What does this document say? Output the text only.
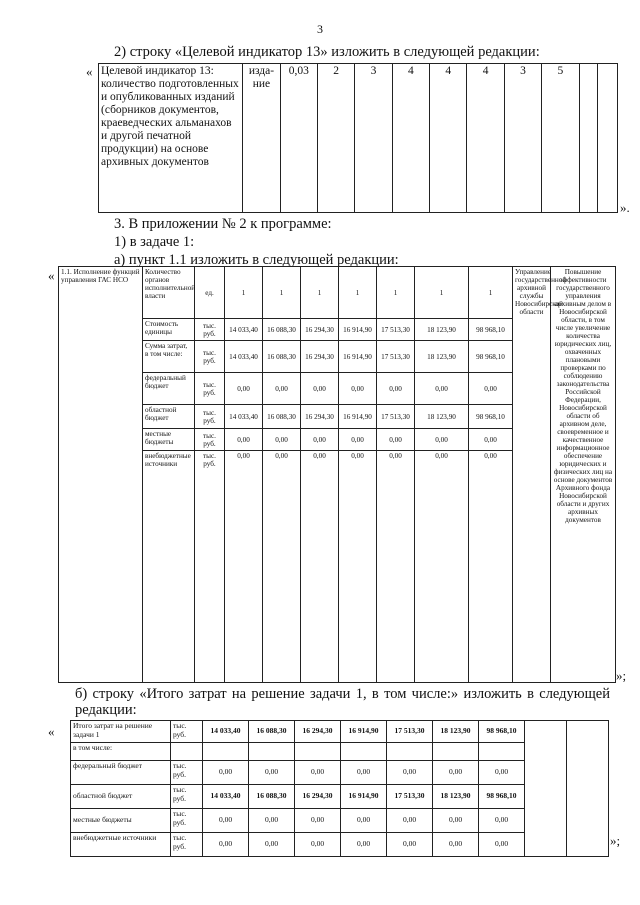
3
2) строку «Целевой индикатор 13» изложить в следующей редакции:
« Целевой индикатор 13: количество подготовленных и опубликованных изданий (сборников документов, краеведческих альманахов и другой печатной продукции) на основе архивных документов	изда-ние	0,03	2	3	4	4	4	3	5		
».
3. В приложении № 2 к программе:
1) в задаче 1:
а) пункт 1.1 изложить в следующей редакции:
« 1.1. Исполнение функций управления ГАС НСО	Количество органов исполнительной власти	ед.	1	1	1	1	1	1	1	Управление государственной архивной службы Новосибирской области	Повышение эффективности государственного управления архивным делом в Новосибирской области, в том числе увеличение количества юридических лиц, охваченных плановыми проверками по соблюдению законодательства Российской Федерации, Новосибирской области об архивном деле, своевременное и качественное информационное обеспечение юридических и физических лиц на основе документов Архивного фонда Новосибирской области и других архивных документов
	Стоимость единицы	тыс. руб.	14 033,40	16 088,30	16 294,30	16 914,90	17 513,30	18 123,90	98 968,10		
	Сумма затрат, в том числе:	тыс. руб.	14 033,40	16 088,30	16 294,30	16 914,90	17 513,30	18 123,90	98 968,10		
	федеральный бюджет	тыс. руб.	0,00	0,00	0,00	0,00	0,00	0,00	0,00		
	областной бюджет	тыс. руб.	14 033,40	16 088,30	16 294,30	16 914,90	17 513,30	18 123,90	98 968,10		
	местные бюджеты	тыс. руб.	0,00	0,00	0,00	0,00	0,00	0,00	0,00		
	внебюджетные источники	тыс. руб.	0,00	0,00	0,00	0,00	0,00	0,00	0,00		
»;
б) строку «Итого затрат на решение задачи 1, в том числе:» изложить в следующей редакции:
« Итого затрат на решение задачи 1	тыс. руб.	14 033,40	16 088,30	16 294,30	16 914,90	17 513,30	18 123,90	98 968,10		
в том числе:										
федеральный бюджет	тыс. руб.	0,00	0,00	0,00	0,00	0,00	0,00	0,00		
областной бюджет	тыс. руб.	14 033,40	16 088,30	16 294,30	16 914,90	17 513,30	18 123,90	98 968,10		
местные бюджеты	тыс. руб.	0,00	0,00	0,00	0,00	0,00	0,00	0,00		
внебюджетные источники	тыс. руб.	0,00	0,00	0,00	0,00	0,00	0,00	0,00			»;
